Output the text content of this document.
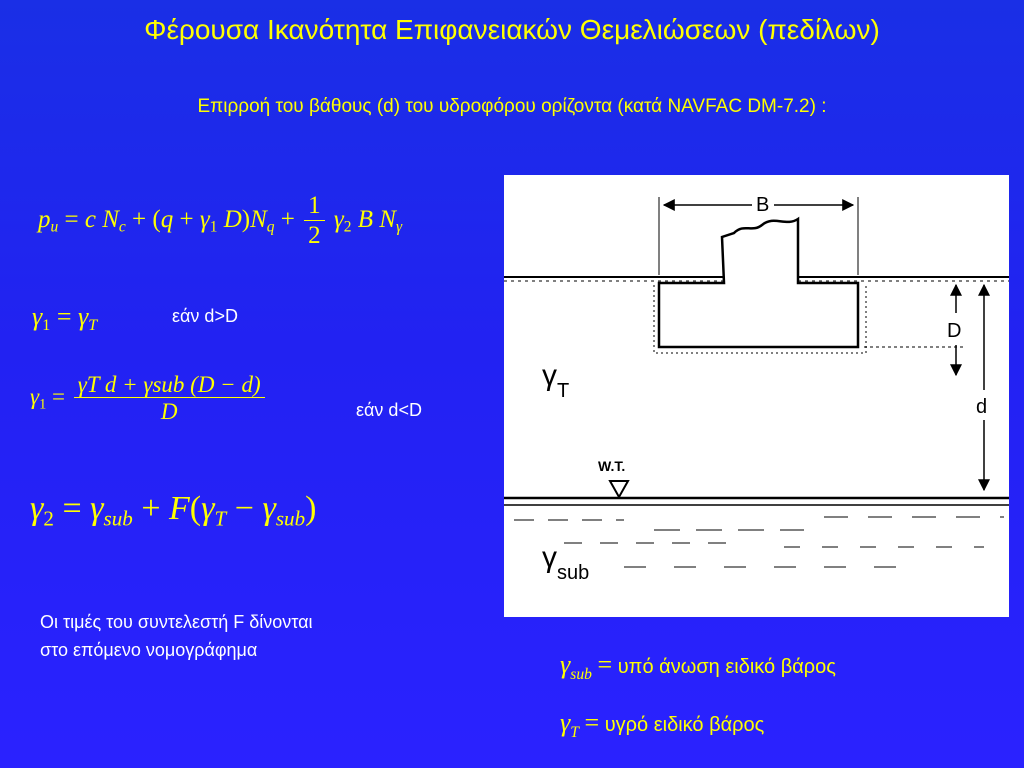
Φέρουσα Ικανότητα Επιφανειακών Θεμελιώσεων (πεδίλων)
Επιρροή του βάθους (d) του υδροφόρου ορίζοντα (κατά NAVFAC DM-7.2) :
$p_u = c$ $N_c + (q + \gamma_1$ $D)N_q + \frac{1}{2} \gamma_2$ B $N_\gamma$
$\gamma_1 = \gamma_T$	εάν d>D
$\gamma_1 = \frac{\text{γT d + γsub (D − d)}}{D}$	εάν d<D
$\gamma_2 = \gamma_{sub} + F(\gamma_T - \gamma_{sub})$
Οι τιμές του συντελεστή F δίνονται
στο επόμενο νομογράφημα	$\gamma_{sub} = \upsilon\pi ό$ άνωση ειδικό βάρος
$\gamma_T = \upsilon\gamma\rho ό$ ειδικό βάρος
B
D
d
$\gamma_T$
W.T.
$\gamma_{sub}$
